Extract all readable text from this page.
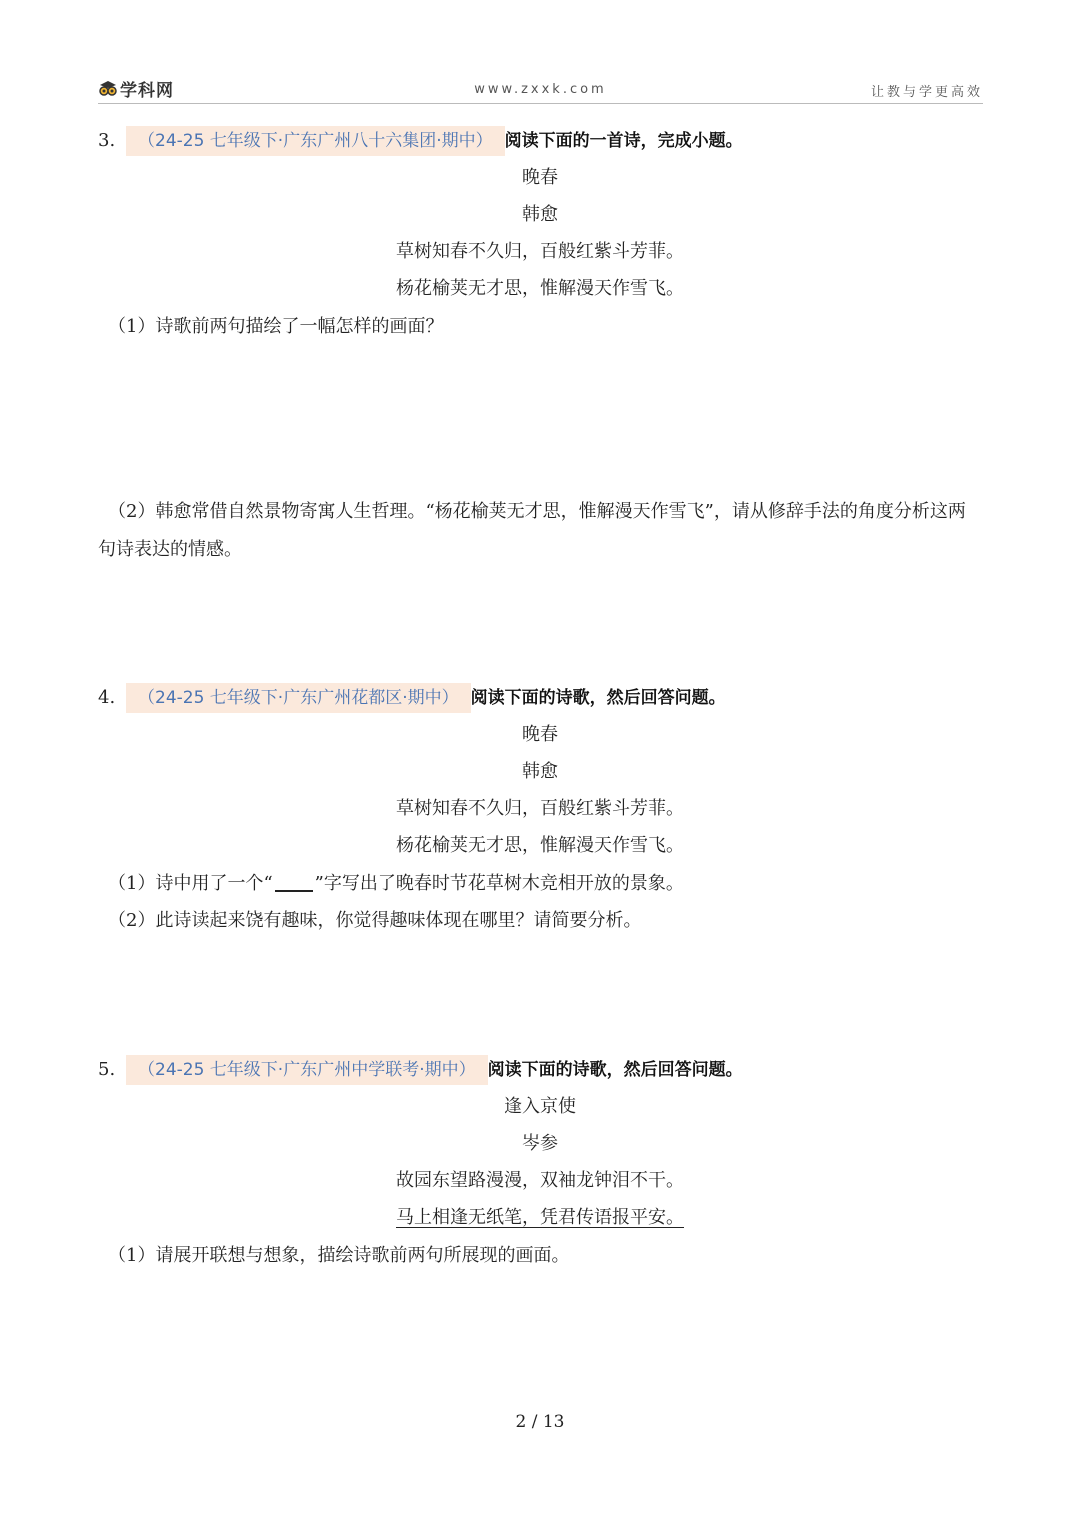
学科网	www.zxxk.com	让教与学更高效
3. （24-25 七年级下·广东广州八十六集团·期中） 阅读下面的一首诗，完成小题。
晚春
韩愈
草树知春不久归，百般红紫斗芳菲。
杨花榆荚无才思，惟解漫天作雪飞。
（1）诗歌前两句描绘了一幅怎样的画面？
（2）韩愈常借自然景物寄寓人生哲理。“杨花榆荚无才思，惟解漫天作雪飞”，请从修辞手法的角度分析这两句诗表达的情感。
4. （24-25 七年级下·广东广州花都区·期中） 阅读下面的诗歌，然后回答问题。
晚春
韩愈
草树知春不久归，百般红紫斗芳菲。
杨花榆荚无才思，惟解漫天作雪飞。
（1）诗中用了一个“ ”字写出了晚春时节花草树木竞相开放的景象。
（2）此诗读起来饶有趣味，你觉得趣味体现在哪里？请简要分析。
5. （24-25 七年级下·广东广州中学联考·期中） 阅读下面的诗歌，然后回答问题。
逢入京使
岑参
故园东望路漫漫，双袖龙钟泪不干。
马上相逢无纸笔，凭君传语报平安。
（1）请展开联想与想象，描绘诗歌前两句所展现的画面。
2 / 13
